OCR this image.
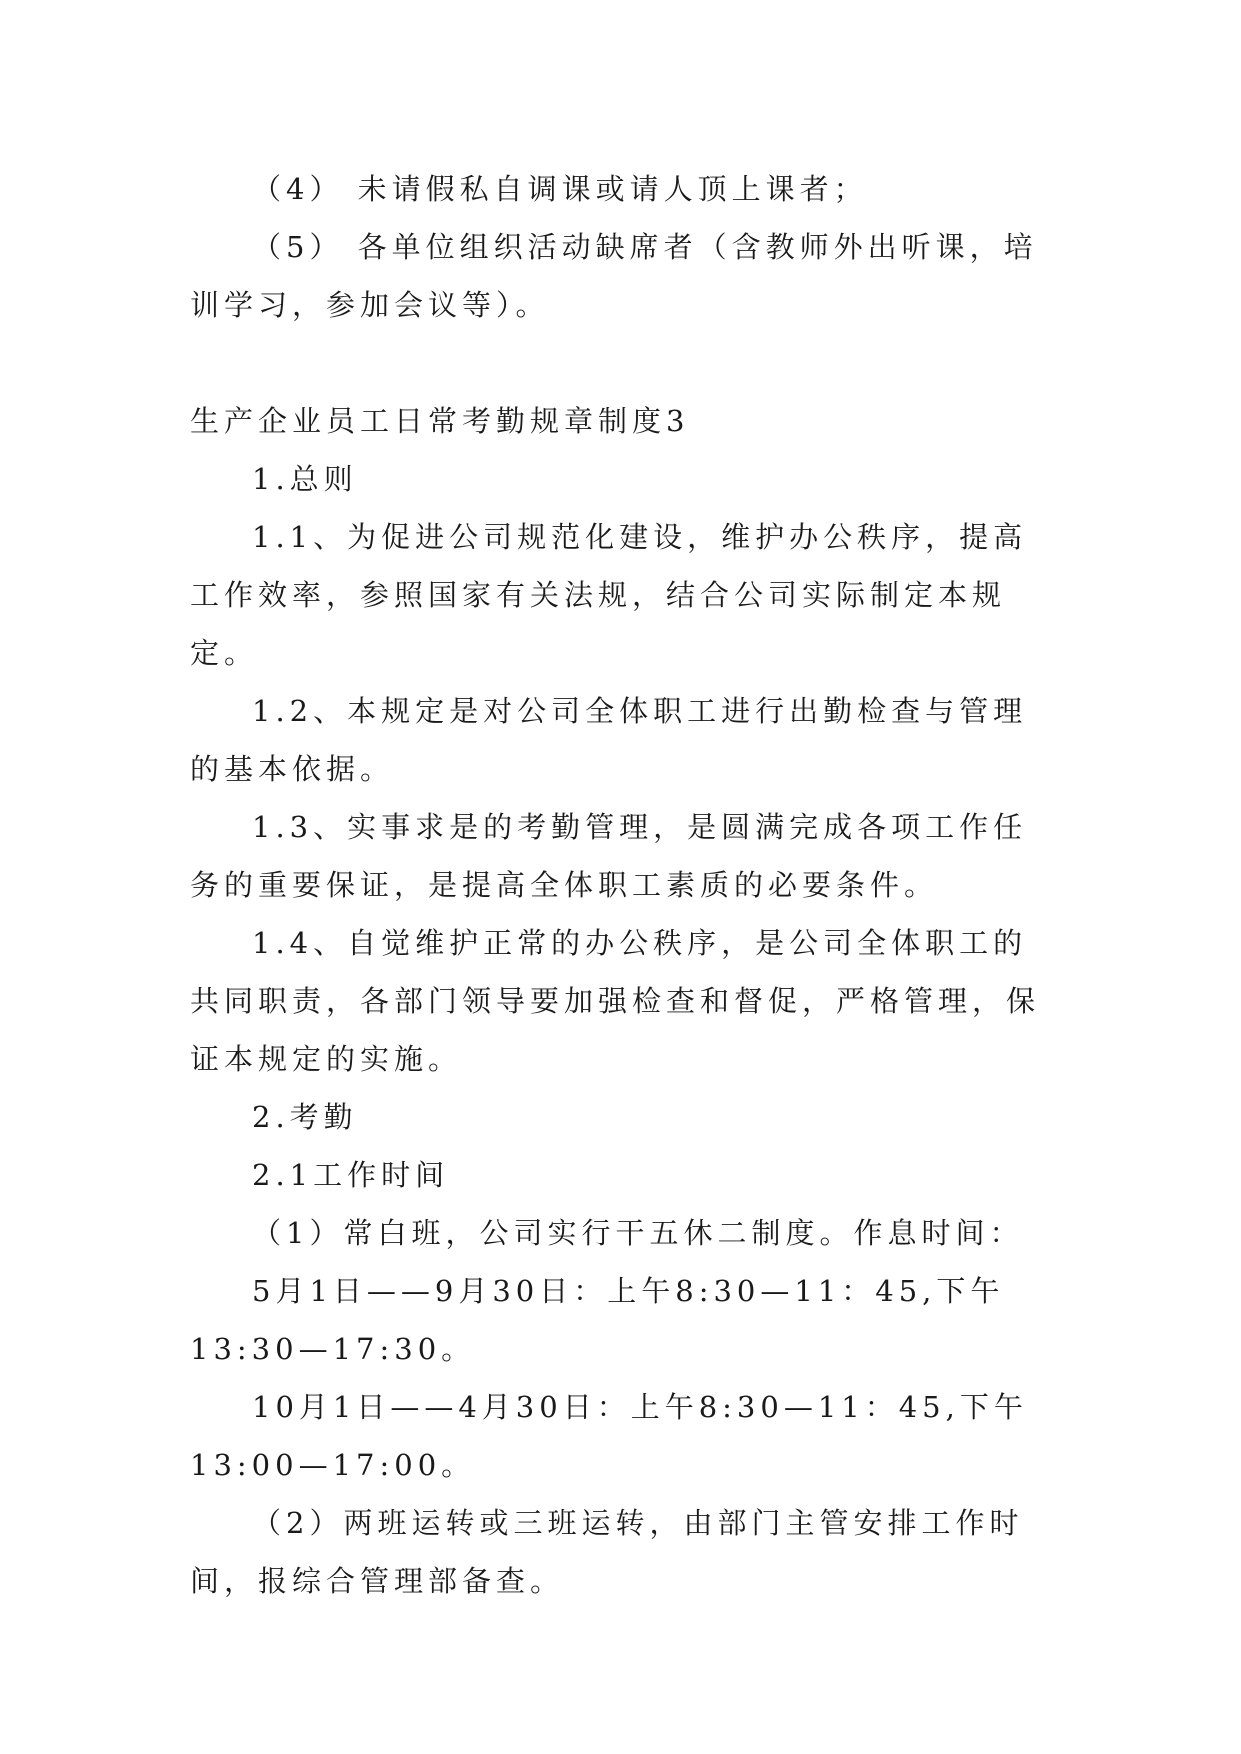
（4） 未请假私自调课或请人顶上课者；

（5） 各单位组织活动缺席者（含教师外出听课，培训学习，参加会议等）。

生产企业员工日常考勤规章制度3

1.总则

1.1、为促进公司规范化建设，维护办公秩序，提高工作效率，参照国家有关法规，结合公司实际制定本规定。

1.2、本规定是对公司全体职工进行出勤检查与管理的基本依据。

1.3、实事求是的考勤管理，是圆满完成各项工作任务的重要保证，是提高全体职工素质的必要条件。

1.4、自觉维护正常的办公秩序，是公司全体职工的共同职责，各部门领导要加强检查和督促，严格管理，保证本规定的实施。

2.考勤

2.1工作时间

（1）常白班，公司实行干五休二制度。作息时间：

5月1日——9月30日：上午8:30—11：45,下午13:30—17:30。

10月1日——4月30日：上午8:30—11：45,下午13:00—17:00。

（2）两班运转或三班运转，由部门主管安排工作时间，报综合管理部备查。
